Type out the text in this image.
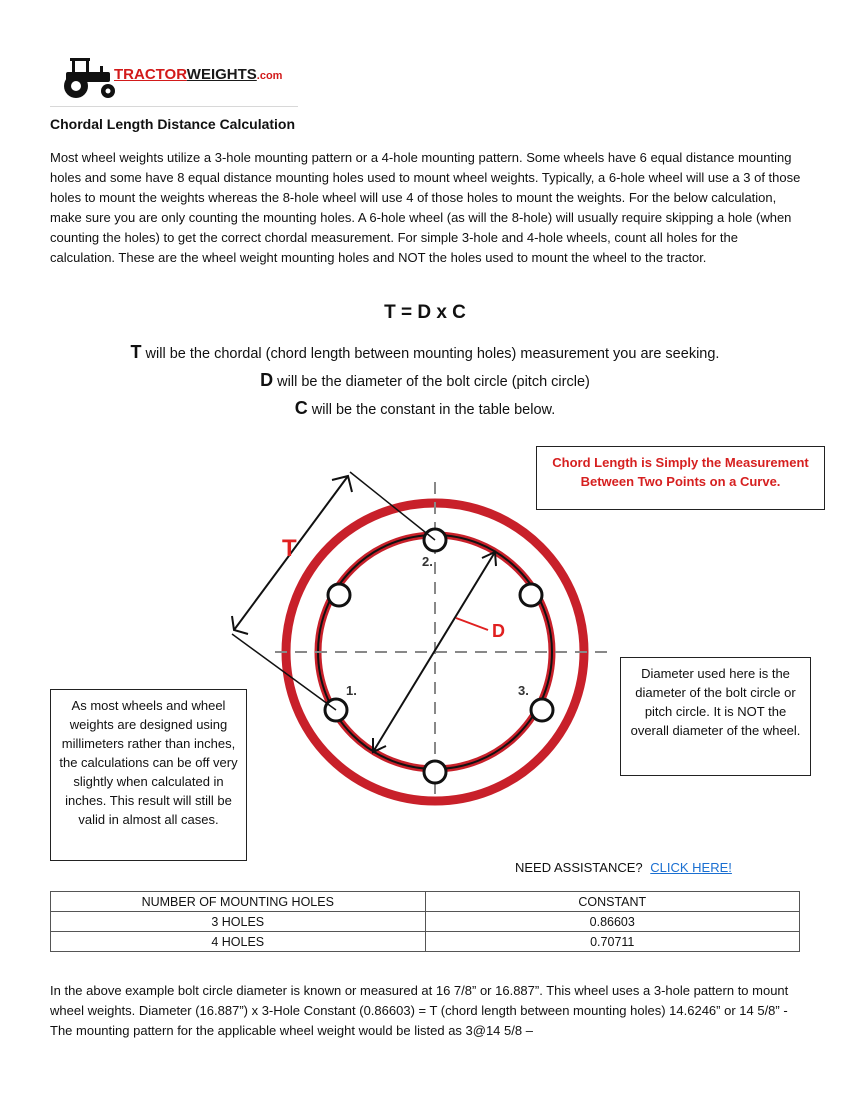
TRACTORWEIGHTS.com
Chordal Length Distance Calculation
Most wheel weights utilize a 3-hole mounting pattern or a 4-hole mounting pattern. Some wheels have 6 equal distance mounting holes and some have 8 equal distance mounting holes used to mount wheel weights. Typically, a 6-hole wheel will use a 3 of those holes to mount the weights whereas the 8-hole wheel will use 4 of those holes to mount the weights. For the below calculation, make sure you are only counting the mounting holes. A 6-hole wheel (as will the 8-hole) will usually require skipping a hole (when counting the holes) to get the correct chordal measurement. For simple 3-hole and 4-hole wheels, count all holes for the calculation. These are the wheel weight mounting holes and NOT the holes used to mount the wheel to the tractor.
T = D x C
T will be the chordal (chord length between mounting holes) measurement you are seeking.
D will be the diameter of the bolt circle (pitch circle)
C will be the constant in the table below.
2.
1.	3.
T
D
Chord Length is Simply the Measurement Between Two Points on a Curve.
Diameter used here is the diameter of the bolt circle or pitch circle. It is NOT the overall diameter of the wheel.
As most wheels and wheel weights are designed using millimeters rather than inches, the calculations can be off very slightly when calculated in inches. This result will still be valid in almost all cases.
NEED ASSISTANCE? CLICK HERE!
NUMBER OF MOUNTING HOLES	CONSTANT
3 HOLES	0.86603
4 HOLES	0.70711
In the above example bolt circle diameter is known or measured at 16 7/8” or 16.887”. This wheel uses a 3-hole pattern to mount wheel weights. Diameter (16.887”) x 3-Hole Constant (0.86603) = T (chord length between mounting holes) 14.6246” or 14 5/8” - The mounting pattern for the applicable wheel weight would be listed as 3@14 5/8 –
